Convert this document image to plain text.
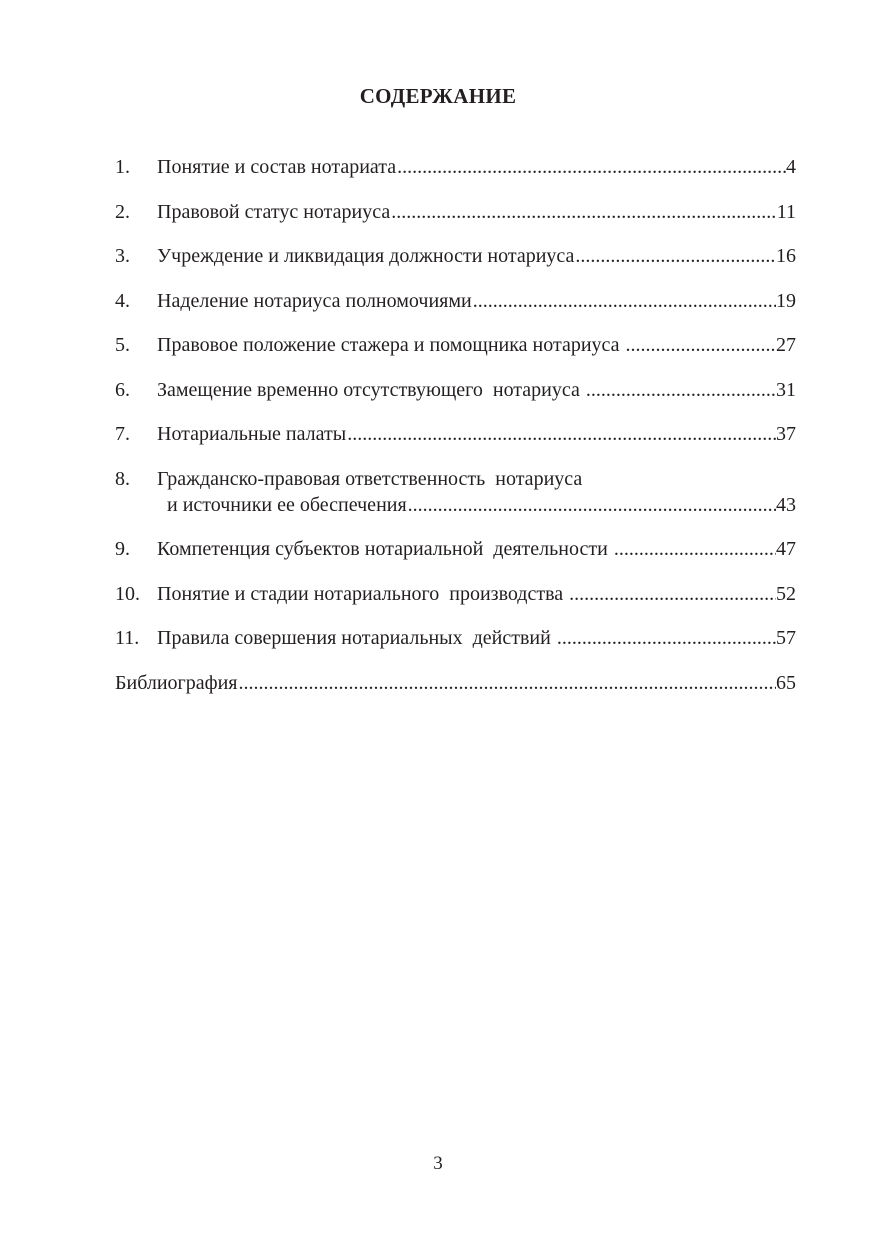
СОДЕРЖАНИЕ
1.	Понятие и состав нотариата .....	4
2.	Правовой статус нотариуса .....	11
3.	Учреждение и ликвидация должности нотариуса .....	16
4.	Наделение нотариуса полномочиями .....	19
5.	Правовое положение стажера и помощника нотариуса .....	27
6.	Замещение временно отсутствующего  нотариуса .....	31
7.	Нотариальные палаты .....	37
8.	Гражданско-правовая ответственность  нотариуса
и источники ее обеспечения .....	43
9.	Компетенция субъектов нотариальной  деятельности .....	47
10. Понятие и стадии нотариального  производства .....	52
11. Правила совершения нотариальных  действий .....	57
Библиография .....	65
3
